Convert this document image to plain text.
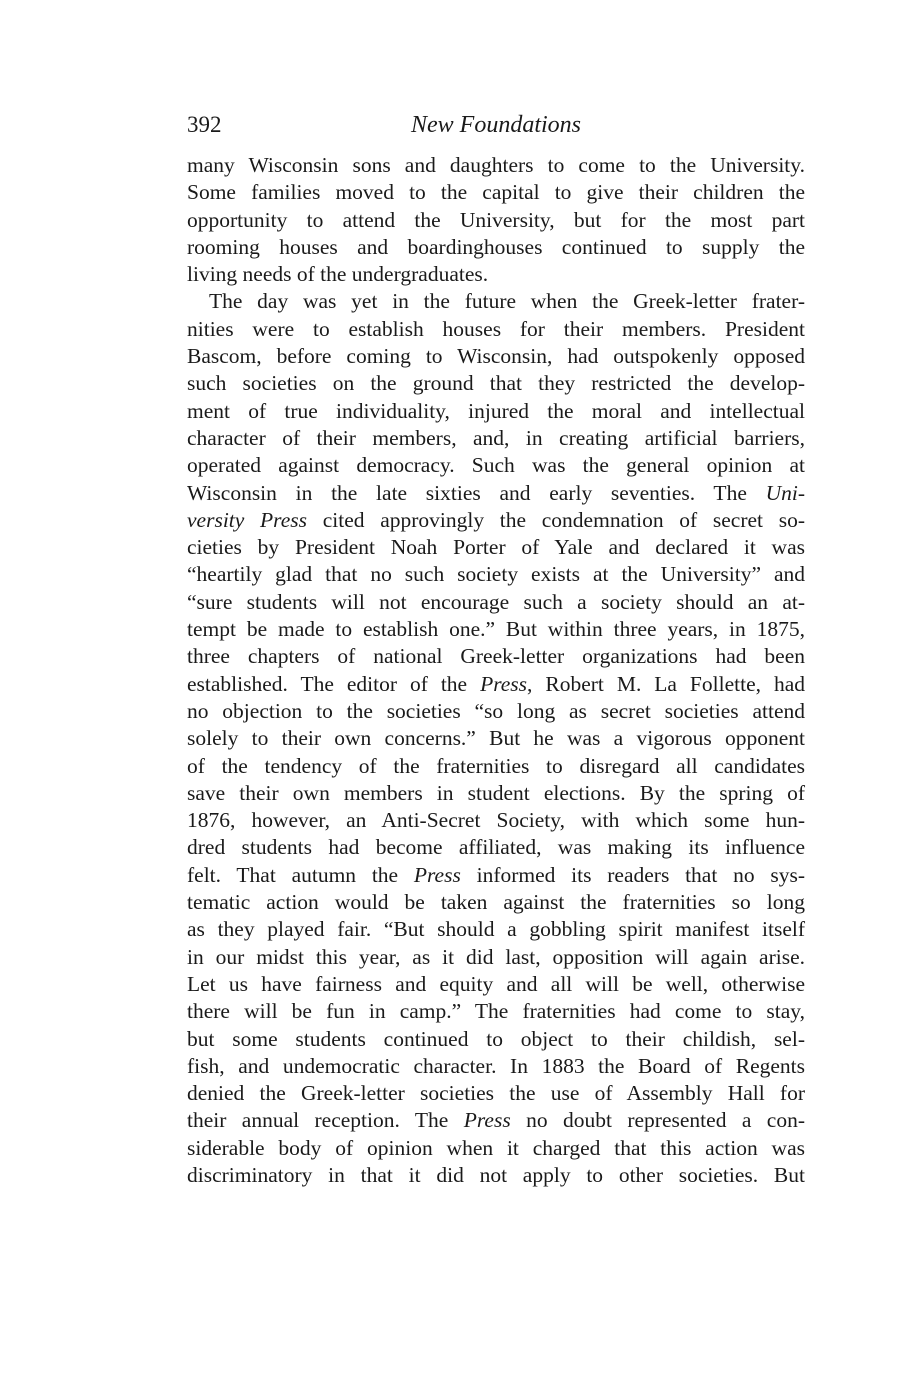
392	New Foundations
many Wisconsin sons and daughters to come to the University.
Some families moved to the capital to give their children the
opportunity to attend the University, but for the most part
rooming houses and boardinghouses continued to supply the
living needs of the undergraduates.
The day was yet in the future when the Greek-letter frater-
nities were to establish houses for their members. President
Bascom, before coming to Wisconsin, had outspokenly opposed
such societies on the ground that they restricted the develop-
ment of true individuality, injured the moral and intellectual
character of their members, and, in creating artificial barriers,
operated against democracy. Such was the general opinion at
Wisconsin in the late sixties and early seventies. The Uni-
versity Press cited approvingly the condemnation of secret so-
cieties by President Noah Porter of Yale and declared it was
“heartily glad that no such society exists at the University” and
“sure students will not encourage such a society should an at-
tempt be made to establish one.” But within three years, in 1875,
three chapters of national Greek-letter organizations had been
established. The editor of the Press, Robert M. La Follette, had
no objection to the societies “so long as secret societies attend
solely to their own concerns.” But he was a vigorous opponent
of the tendency of the fraternities to disregard all candidates
save their own members in student elections. By the spring of
1876, however, an Anti-Secret Society, with which some hun-
dred students had become affiliated, was making its influence
felt. That autumn the Press informed its readers that no sys-
tematic action would be taken against the fraternities so long
as they played fair. “But should a gobbling spirit manifest itself
in our midst this year, as it did last, opposition will again arise.
Let us have fairness and equity and all will be well, otherwise
there will be fun in camp.” The fraternities had come to stay,
but some students continued to object to their childish, sel-
fish, and undemocratic character. In 1883 the Board of Regents
denied the Greek-letter societies the use of Assembly Hall for
their annual reception. The Press no doubt represented a con-
siderable body of opinion when it charged that this action was
discriminatory in that it did not apply to other societies. But
